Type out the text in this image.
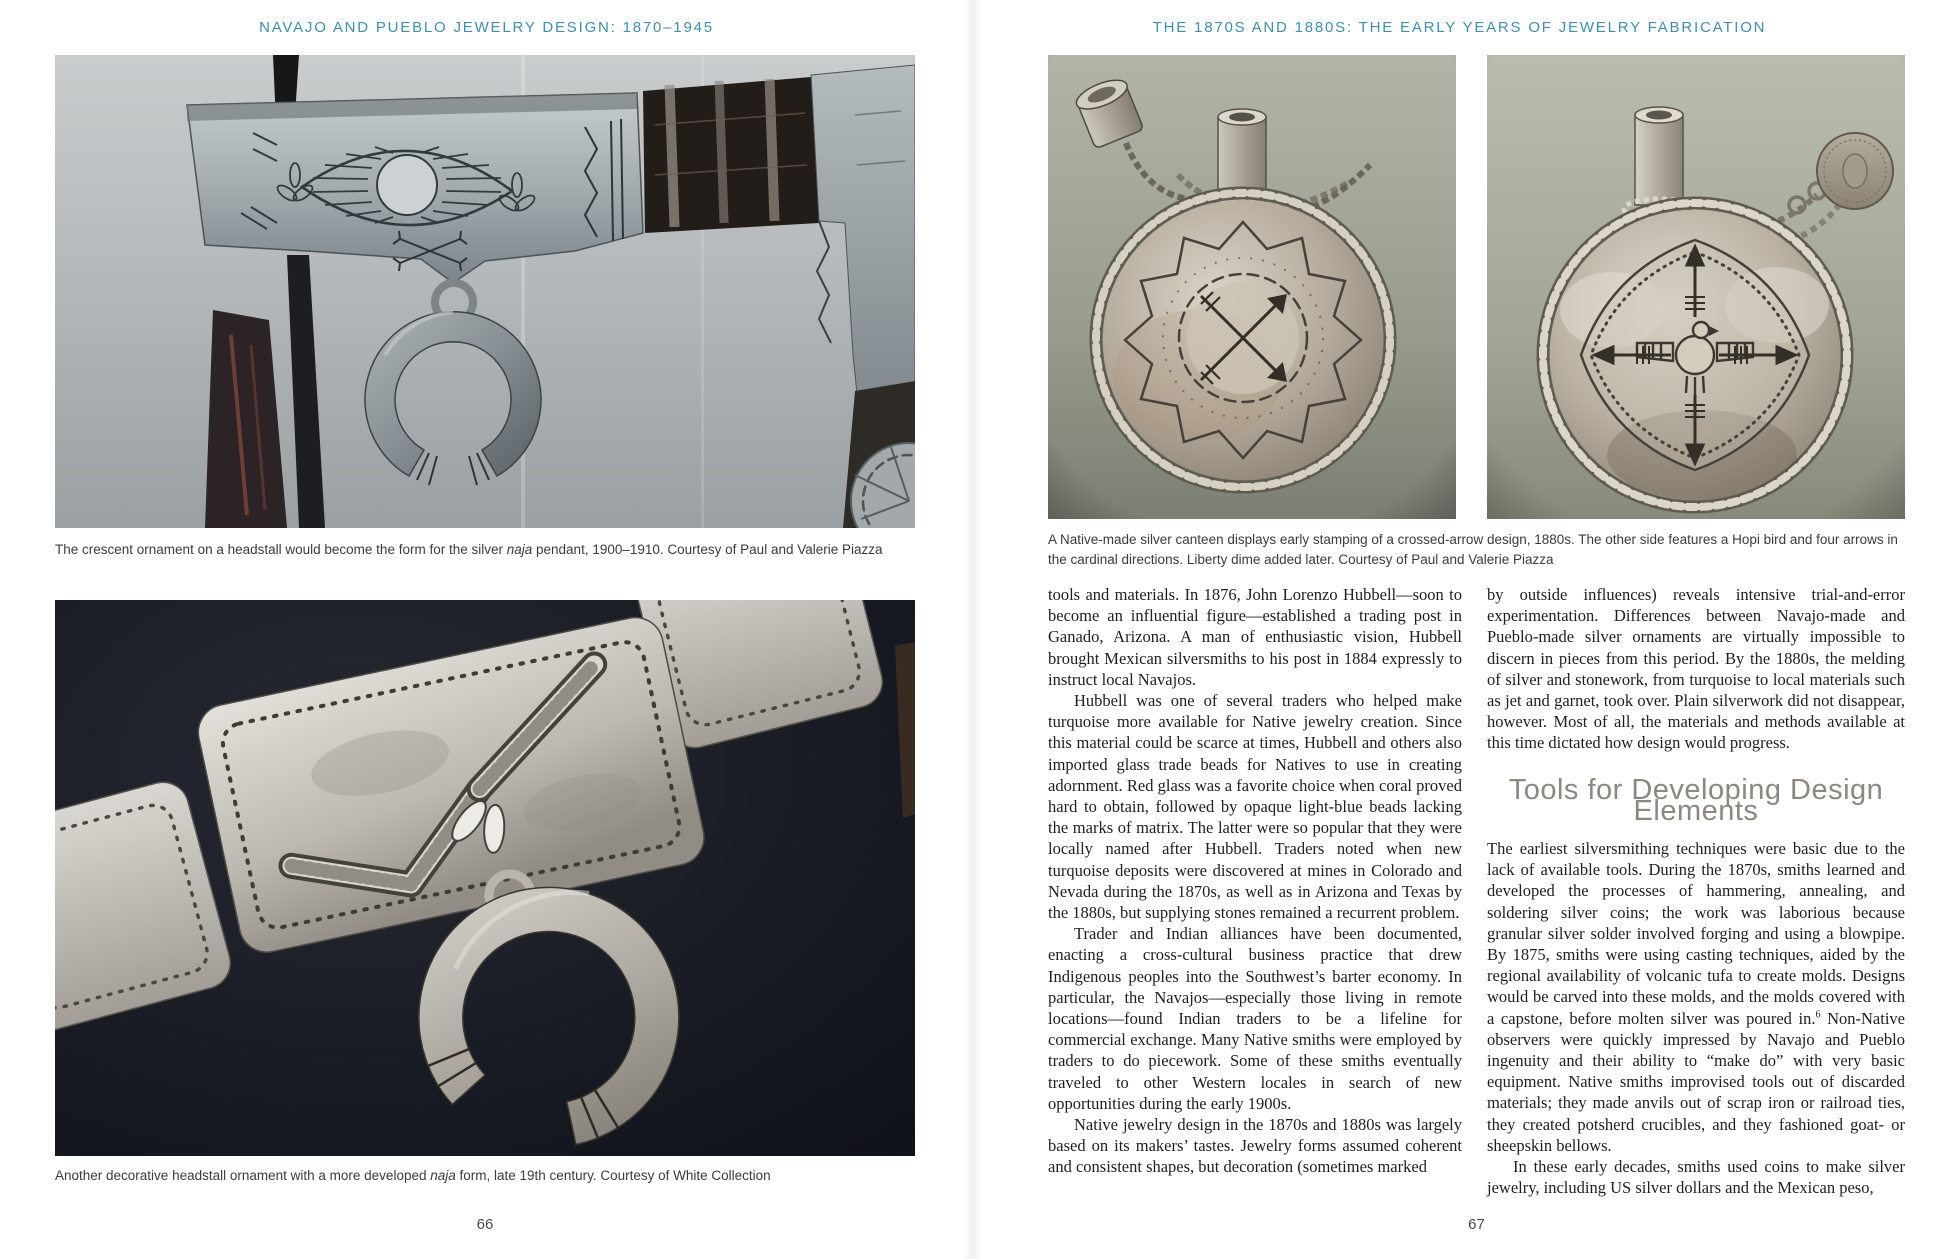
NAVAJO AND PUEBLO JEWELRY DESIGN: 1870–1945
The crescent ornament on a headstall would become the form for the silver naja pendant, 1900–1910. Courtesy of Paul and Valerie Piazza
Another decorative headstall ornament with a more developed naja form, late 19th century. Courtesy of White Collection
66
THE 1870S AND 1880S: THE EARLY YEARS OF JEWELRY FABRICATION
A Native-made silver canteen displays early stamping of a crossed-arrow design, 1880s. The other side features a Hopi bird and four arrows in the cardinal directions. Liberty dime added later. Courtesy of Paul and Valerie Piazza

tools and materials. In 1876, John Lorenzo Hubbell—soon to become an influential figure—established a trading post in Ganado, Arizona. A man of enthusiastic vision, Hubbell brought Mexican silversmiths to his post in 1884 expressly to instruct local Navajos.

Hubbell was one of several traders who helped make turquoise more available for Native jewelry creation. Since this material could be scarce at times, Hubbell and others also imported glass trade beads for Natives to use in creating adornment. Red glass was a favorite choice when coral proved hard to obtain, followed by opaque light-blue beads lacking the marks of matrix. The latter were so popular that they were locally named after Hubbell. Traders noted when new turquoise deposits were discovered at mines in Colorado and Nevada during the 1870s, as well as in Arizona and Texas by the 1880s, but supplying stones remained a recurrent problem.

Trader and Indian alliances have been documented, enacting a cross-cultural business practice that drew Indigenous peoples into the Southwest’s barter economy. In particular, the Navajos—especially those living in remote locations—found Indian traders to be a lifeline for commercial exchange. Many Native smiths were employed by traders to do piecework. Some of these smiths eventually traveled to other Western locales in search of new opportunities during the early 1900s.

Native jewelry design in the 1870s and 1880s was largely based on its makers’ tastes. Jewelry forms assumed coherent and consistent shapes, but decoration (sometimes marked

by outside influences) reveals intensive trial-and-error experimentation. Differences between Navajo-made and Pueblo-made silver ornaments are virtually impossible to discern in pieces from this period. By the 1880s, the melding of silver and stonework, from turquoise to local materials such as jet and garnet, took over. Plain silverwork did not disappear, however. Most of all, the materials and methods available at this time dictated how design would progress.

Tools for Developing Design Elements

The earliest silversmithing techniques were basic due to the lack of available tools. During the 1870s, smiths learned and developed the processes of hammering, annealing, and soldering silver coins; the work was laborious because granular silver solder involved forging and using a blowpipe. By 1875, smiths were using casting techniques, aided by the regional availability of volcanic tufa to create molds. Designs would be carved into these molds, and the molds covered with a capstone, before molten silver was poured in.$^6$ Non-Native observers were quickly impressed by Navajo and Pueblo ingenuity and their ability to “make do” with very basic equipment. Native smiths improvised tools out of discarded materials; they made anvils out of scrap iron or railroad ties, they created potsherd crucibles, and they fashioned goat- or sheepskin bellows.

In these early decades, smiths used coins to make silver jewelry, including US silver dollars and the Mexican peso,

67
